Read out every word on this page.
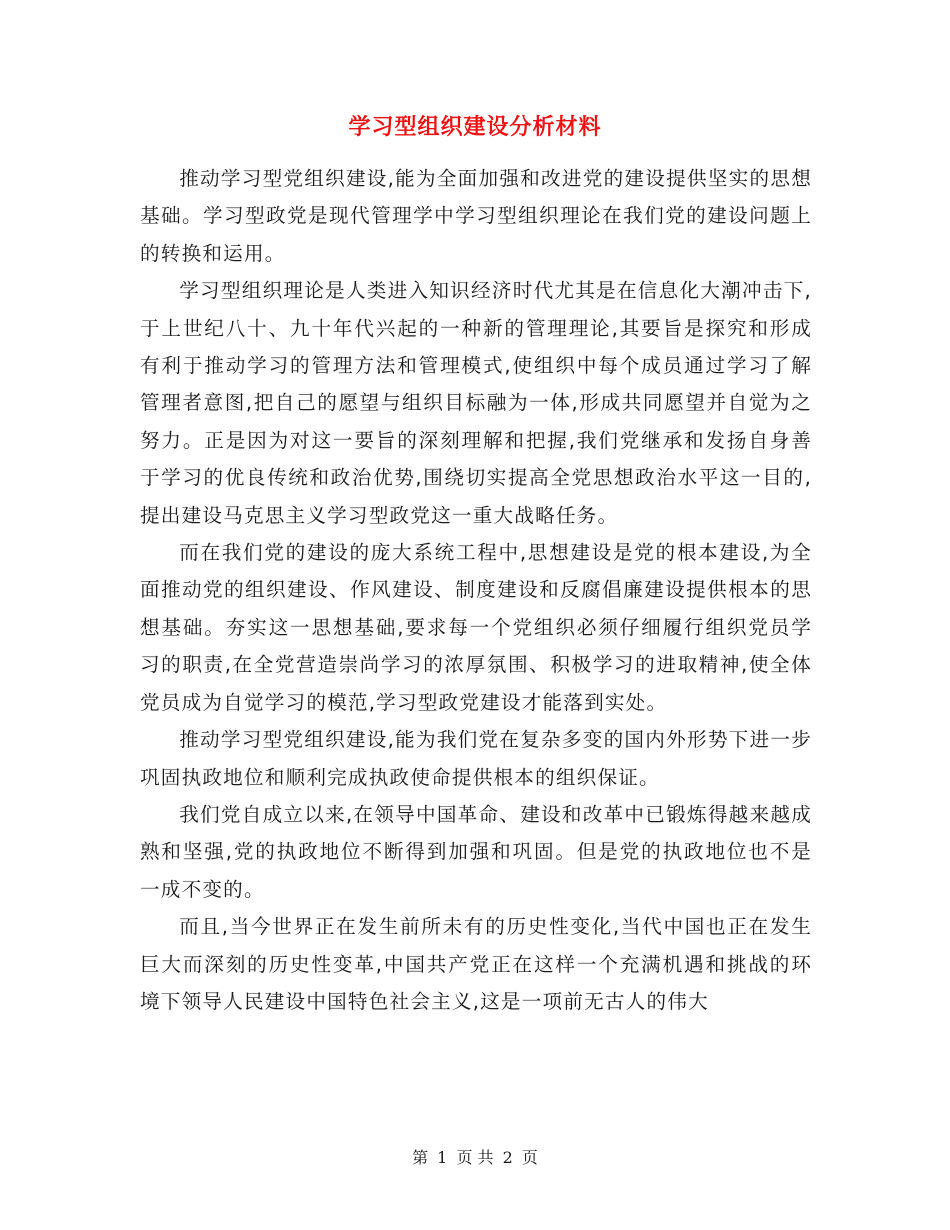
学习型组织建设分析材料

推动学习型党组织建设,能为全面加强和改进党的建设提供坚实的思想基础。学习型政党是现代管理学中学习型组织理论在我们党的建设问题上的转换和运用。

学习型组织理论是人类进入知识经济时代尤其是在信息化大潮冲击下,于上世纪八十、九十年代兴起的一种新的管理理论,其要旨是探究和形成有利于推动学习的管理方法和管理模式,使组织中每个成员通过学习了解管理者意图,把自己的愿望与组织目标融为一体,形成共同愿望并自觉为之努力。正是因为对这一要旨的深刻理解和把握,我们党继承和发扬自身善于学习的优良传统和政治优势,围绕切实提高全党思想政治水平这一目的,提出建设马克思主义学习型政党这一重大战略任务。

而在我们党的建设的庞大系统工程中,思想建设是党的根本建设,为全面推动党的组织建设、作风建设、制度建设和反腐倡廉建设提供根本的思想基础。夯实这一思想基础,要求每一个党组织必须仔细履行组织党员学习的职责,在全党营造崇尚学习的浓厚氛围、积极学习的进取精神,使全体党员成为自觉学习的模范,学习型政党建设才能落到实处。

推动学习型党组织建设,能为我们党在复杂多变的国内外形势下进一步巩固执政地位和顺利完成执政使命提供根本的组织保证。

我们党自成立以来,在领导中国革命、建设和改革中已锻炼得越来越成熟和坚强,党的执政地位不断得到加强和巩固。但是党的执政地位也不是一成不变的。

而且,当今世界正在发生前所未有的历史性变化,当代中国也正在发生巨大而深刻的历史性变革,中国共产党正在这样一个充满机遇和挑战的环境下领导人民建设中国特色社会主义,这是一项前无古人的伟大

第 1 页 共 2 页
